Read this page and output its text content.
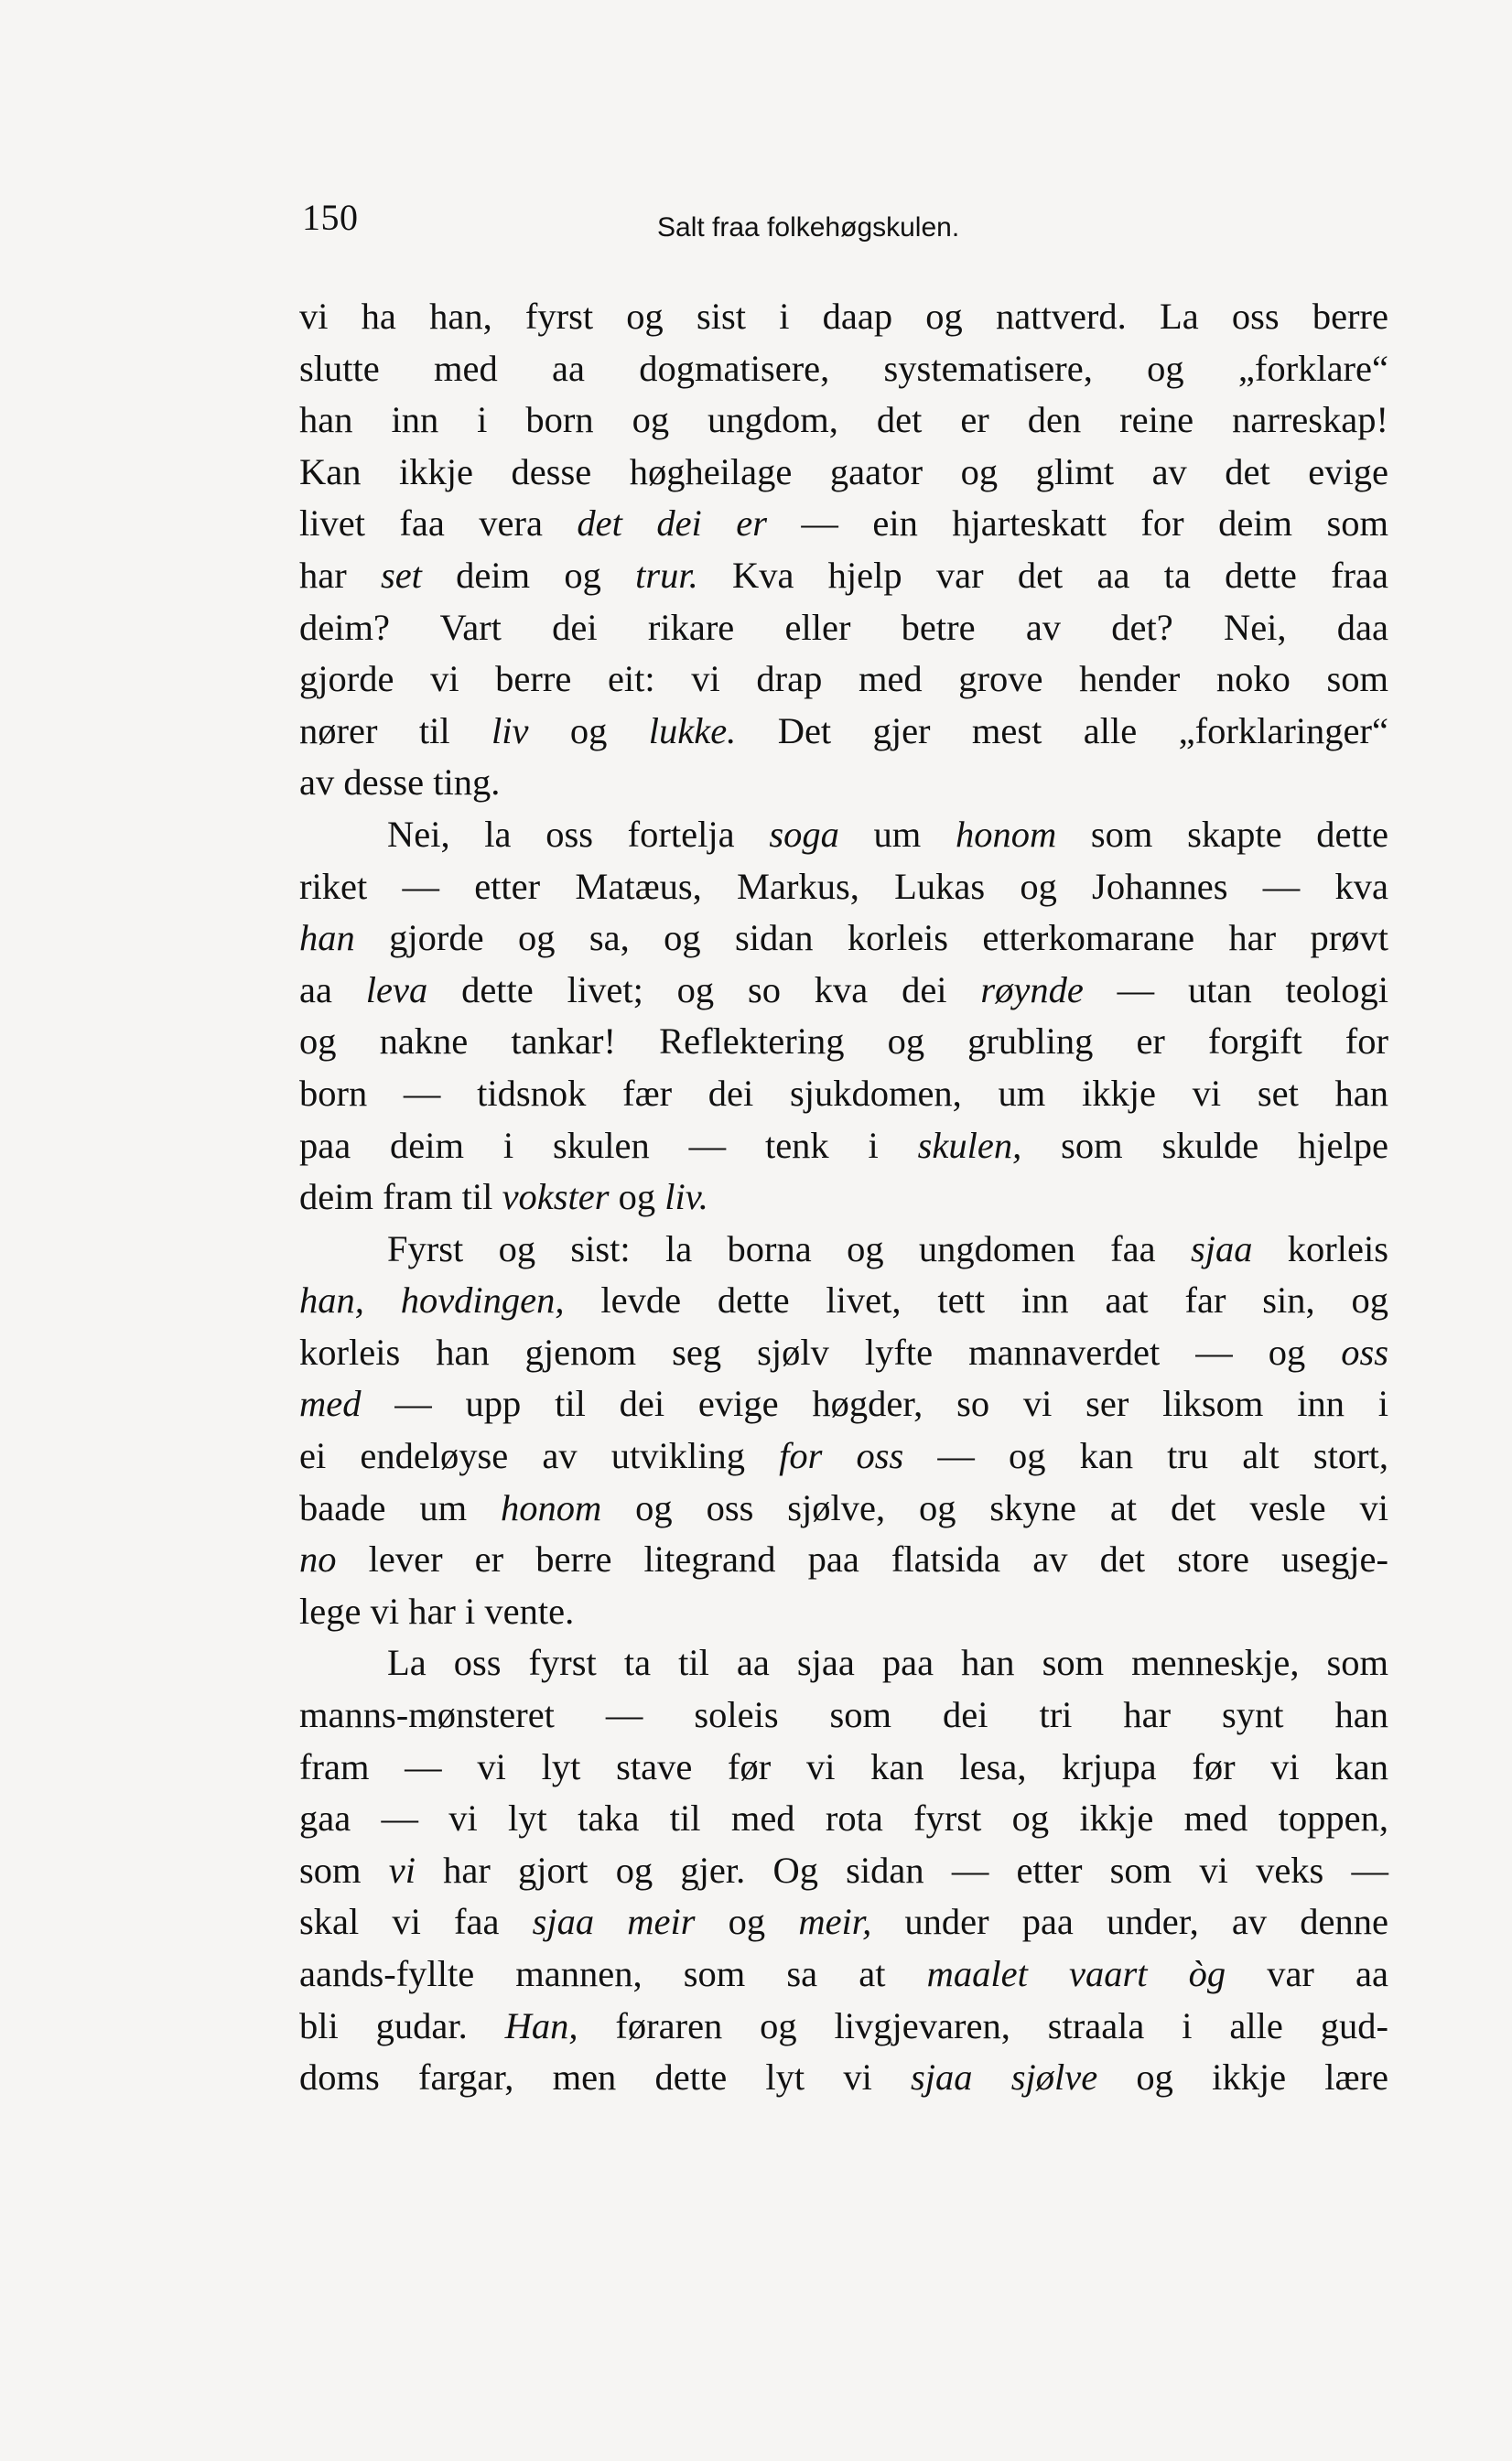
150	Salt fraa folkehøgskulen.
vi ha han, fyrst og sist i daap og nattverd. La oss berre
slutte med aa dogmatisere, systematisere, og „forklare“
han inn i born og ungdom, det er den reine narreskap!
Kan ikkje desse høgheilage gaator og glimt av det evige
livet faa vera det dei er — ein hjarteskatt for deim som
har set deim og trur. Kva hjelp var det aa ta dette fraa
deim? Vart dei rikare eller betre av det? Nei, daa
gjorde vi berre eit: vi drap med grove hender noko som
nører til liv og lukke. Det gjer mest alle „forklaringer“
av desse ting.
Nei, la oss fortelja soga um honom som skapte dette
riket — etter Matæus, Markus, Lukas og Johannes — kva
han gjorde og sa, og sidan korleis etterkomarane har prøvt
aa leva dette livet; og so kva dei røynde — utan teologi
og nakne tankar! Reflektering og grubling er forgift for
born — tidsnok fær dei sjukdomen, um ikkje vi set han
paa deim i skulen — tenk i skulen, som skulde hjelpe
deim fram til vokster og liv.
Fyrst og sist: la borna og ungdomen faa sjaa korleis
han, hovdingen, levde dette livet, tett inn aat far sin, og
korleis han gjenom seg sjølv lyfte mannaverdet — og oss
med — upp til dei evige høgder, so vi ser liksom inn i
ei endeløyse av utvikling for oss — og kan tru alt stort,
baade um honom og oss sjølve, og skyne at det vesle vi
no lever er berre litegrand paa flatsida av det store usegje-
lege vi har i vente.
La oss fyrst ta til aa sjaa paa han som menneskje, som
manns-mønsteret — soleis som dei tri har synt han
fram — vi lyt stave før vi kan lesa, krjupa før vi kan
gaa — vi lyt taka til med rota fyrst og ikkje med toppen,
som vi har gjort og gjer. Og sidan — etter som vi veks —
skal vi faa sjaa meir og meir, under paa under, av denne
aands-fyllte mannen, som sa at maalet vaart òg var aa
bli gudar. Han, føraren og livgjevaren, straala i alle gud-
doms fargar, men dette lyt vi sjaa sjølve og ikkje lære
